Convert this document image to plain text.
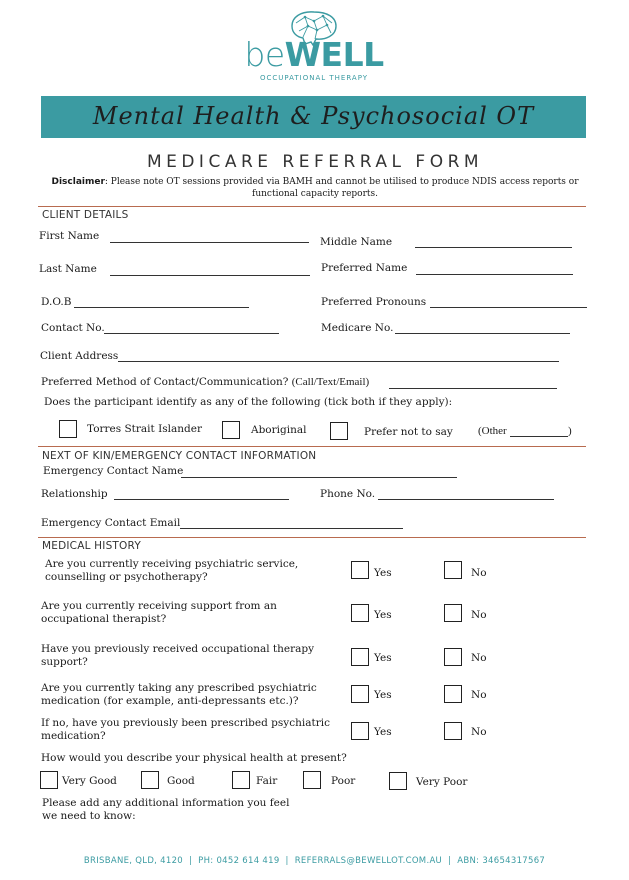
beWELL
OCCUPATIONAL THERAPY
Mental Health & Psychosocial OT
MEDICARE REFERRAL FORM
Disclaimer: Please note OT sessions provided via BAMH and cannot be utilised to produce NDIS access reports or
functional capacity reports.
CLIENT DETAILS
First Name	Middle Name
Last Name	Preferred Name
D.O.B	Preferred Pronouns
Contact No.	Medicare No.
Client Address
Preferred Method of Contact/Communication? (Call/Text/Email)
Does the participant identify as any of the following (tick both if they apply):
Torres Strait Islander	Aboriginal	Prefer not to say (Other	)
NEXT OF KIN/EMERGENCY CONTACT INFORMATION
Emergency Contact Name
Relationship	Phone No.
Emergency Contact Email
MEDICAL HISTORY
Are you currently receiving psychiatric service,
counselling or psychotherapy?	Yes	No
Are you currently receiving support from an
occupational therapist?	Yes	No
Have you previously received occupational therapy
support?	Yes	No
Are you currently taking any prescribed psychiatric
medication (for example, anti-depressants etc.)?	Yes	No
If no, have you previously been prescribed psychiatric
medication?	Yes	No
How would you describe your physical health at present?
Very Good	Good	Fair	Poor	Very Poor
Please add any additional information you feel
we need to know:
BRISBANE, QLD, 4120  |  PH: 0452 614 419  |  REFERRALS@BEWELLOT.COM.AU  |  ABN: 34654317567
